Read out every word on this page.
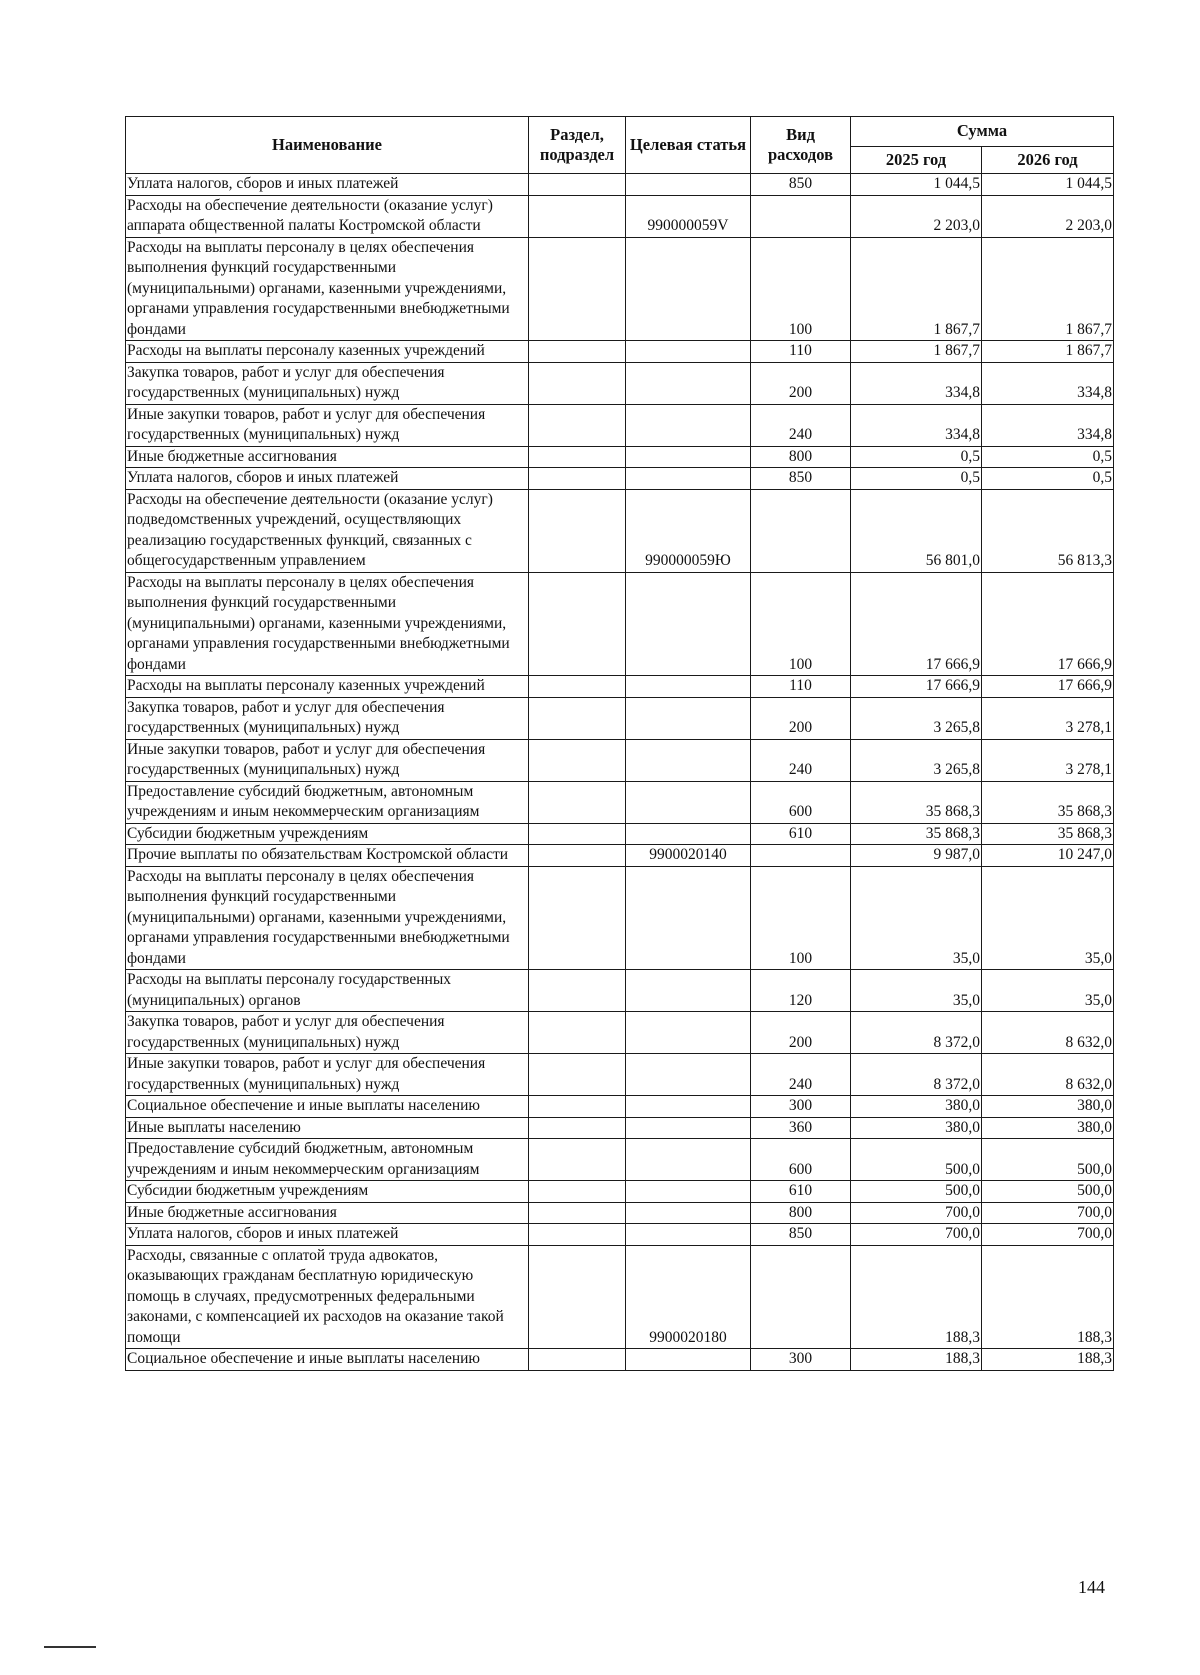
Наименование	Раздел, подраздел	Целевая статья	Вид расходов	Сумма	
				2025 год	2026 год
Уплата налогов, сборов и иных платежей			850	1 044,5	1 044,5
Расходы на обеспечение деятельности (оказание услуг) аппарата общественной палаты Костромской области		990000059V		2 203,0	2 203,0
Расходы на выплаты персоналу в целях обеспечения выполнения функций государственными (муниципальными) органами, казенными учреждениями, органами управления государственными внебюджетными фондами			100	1 867,7	1 867,7
Расходы на выплаты персоналу казенных учреждений			110	1 867,7	1 867,7
Закупка товаров, работ и услуг для обеспечения государственных (муниципальных) нужд			200	334,8	334,8
Иные закупки товаров, работ и услуг для обеспечения государственных (муниципальных) нужд			240	334,8	334,8
Иные бюджетные ассигнования			800	0,5	0,5
Уплата налогов, сборов и иных платежей			850	0,5	0,5
Расходы на обеспечение деятельности (оказание услуг) подведомственных учреждений, осуществляющих реализацию государственных функций, связанных с общегосударственным управлением		990000059Ю		56 801,0	56 813,3
Расходы на выплаты персоналу в целях обеспечения выполнения функций государственными (муниципальными) органами, казенными учреждениями, органами управления государственными внебюджетными фондами			100	17 666,9	17 666,9
Расходы на выплаты персоналу казенных учреждений			110	17 666,9	17 666,9
Закупка товаров, работ и услуг для обеспечения государственных (муниципальных) нужд			200	3 265,8	3 278,1
Иные закупки товаров, работ и услуг для обеспечения государственных (муниципальных) нужд			240	3 265,8	3 278,1
Предоставление субсидий бюджетным, автономным учреждениям и иным некоммерческим организациям			600	35 868,3	35 868,3
Субсидии бюджетным учреждениям			610	35 868,3	35 868,3
Прочие выплаты по обязательствам Костромской области		9900020140		9 987,0	10 247,0
Расходы на выплаты персоналу в целях обеспечения выполнения функций государственными (муниципальными) органами, казенными учреждениями, органами управления государственными внебюджетными фондами			100	35,0	35,0
Расходы на выплаты персоналу государственных (муниципальных) органов			120	35,0	35,0
Закупка товаров, работ и услуг для обеспечения государственных (муниципальных) нужд			200	8 372,0	8 632,0
Иные закупки товаров, работ и услуг для обеспечения государственных (муниципальных) нужд			240	8 372,0	8 632,0
Социальное обеспечение и иные выплаты населению			300	380,0	380,0
Иные выплаты населению			360	380,0	380,0
Предоставление субсидий бюджетным, автономным учреждениям и иным некоммерческим организациям			600	500,0	500,0
Субсидии бюджетным учреждениям			610	500,0	500,0
Иные бюджетные ассигнования			800	700,0	700,0
Уплата налогов, сборов и иных платежей			850	700,0	700,0
Расходы, связанные с оплатой труда адвокатов, оказывающих гражданам бесплатную юридическую помощь в случаях, предусмотренных федеральными законами, с компенсацией их расходов на оказание такой помощи		9900020180		188,3	188,3
Социальное обеспечение и иные выплаты населению			300	188,3	188,3
144
